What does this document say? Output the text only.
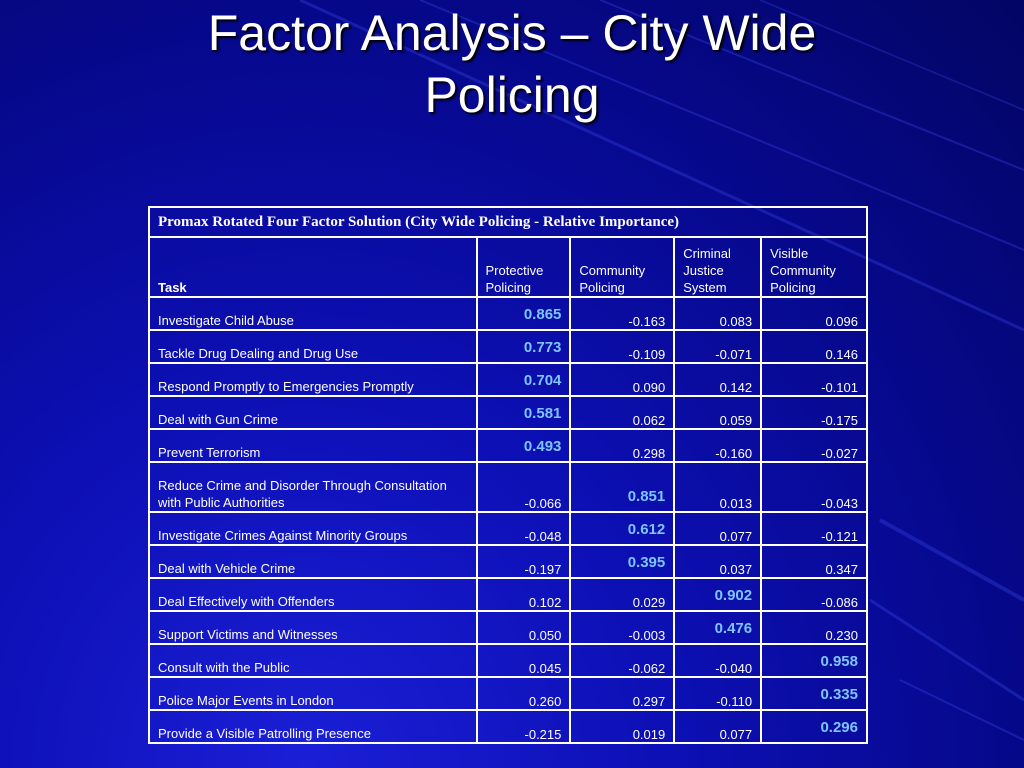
Factor Analysis – City Wide
Policing
Promax Rotated Four Factor Solution (City Wide Policing - Relative Importance)				
Task	Protective Policing	Community Policing	Criminal Justice System	Visible Community Policing
Investigate Child Abuse	0.865	-0.163	0.083	0.096
Tackle Drug Dealing and Drug Use	0.773	-0.109	-0.071	0.146
Respond Promptly to Emergencies Promptly	0.704	0.090	0.142	-0.101
Deal with Gun Crime	0.581	0.062	0.059	-0.175
Prevent Terrorism	0.493	0.298	-0.160	-0.027
Reduce Crime and Disorder Through Consultation with Public Authorities	-0.066	0.851	0.013	-0.043
Investigate Crimes Against Minority Groups	-0.048	0.612	0.077	-0.121
Deal with Vehicle Crime	-0.197	0.395	0.037	0.347
Deal Effectively with Offenders	0.102	0.029	0.902	-0.086
Support Victims and Witnesses	0.050	-0.003	0.476	0.230
Consult with the Public	0.045	-0.062	-0.040	0.958
Police Major Events in London	0.260	0.297	-0.110	0.335
Provide a Visible Patrolling Presence	-0.215	0.019	0.077	0.296
